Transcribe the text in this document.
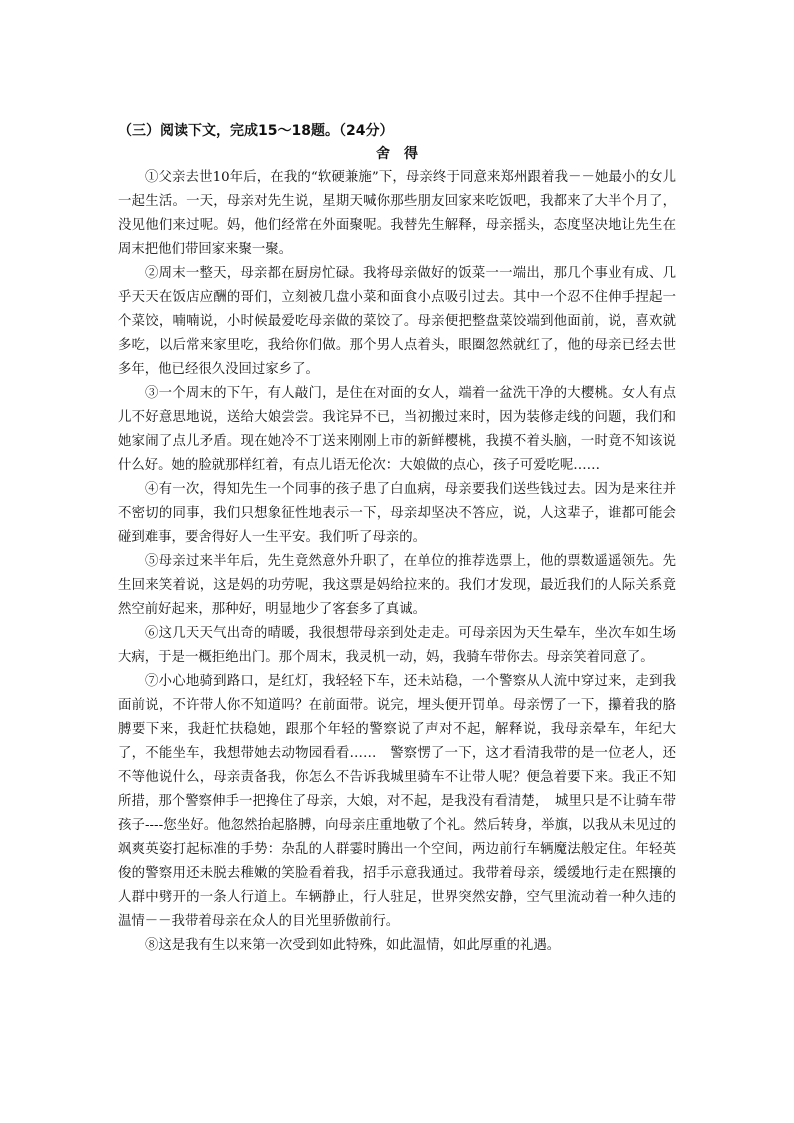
（三）阅读下文，完成15～18题。（24分）

舍得

①父亲去世10年后，在我的“软硬兼施”下，母亲终于同意来郑州跟着我－－她最小的女儿一起生活。一天，母亲对先生说，星期天喊你那些朋友回家来吃饭吧，我都来了大半个月了，没见他们来过呢。妈，他们经常在外面聚呢。我替先生解释，母亲摇头，态度坚决地让先生在周末把他们带回家来聚一聚。

②周末一整天，母亲都在厨房忙碌。我将母亲做好的饭菜一一端出，那几个事业有成、几乎天天在饭店应酬的哥们，立刻被几盘小菜和面食小点吸引过去。其中一个忍不住伸手捏起一个菜饺，喃喃说，小时候最爱吃母亲做的菜饺了。母亲便把整盘菜饺端到他面前，说，喜欢就多吃，以后常来家里吃，我给你们做。那个男人点着头，眼圈忽然就红了，他的母亲已经去世多年，他已经很久没回过家乡了。

③一个周末的下午，有人敲门，是住在对面的女人，端着一盆洗干净的大樱桃。女人有点儿不好意思地说，送给大娘尝尝。我诧异不已，当初搬过来时，因为装修走线的问题，我们和她家闹了点儿矛盾。现在她冷不丁送来刚刚上市的新鲜樱桃，我摸不着头脑，一时竟不知该说什么好。她的脸就那样红着，有点儿语无伦次：大娘做的点心，孩子可爱吃呢……

④有一次，得知先生一个同事的孩子患了白血病，母亲要我们送些钱过去。因为是来往并不密切的同事，我们只想象征性地表示一下，母亲却坚决不答应，说，人这辈子，谁都可能会碰到难事，要舍得好人一生平安。我们听了母亲的。

⑤母亲过来半年后，先生竟然意外升职了，在单位的推荐选票上，他的票数遥遥领先。先生回来笑着说，这是妈的功劳呢，我这票是妈给拉来的。我们才发现，最近我们的人际关系竟然空前好起来，那种好，明显地少了客套多了真诚。

⑥这几天天气出奇的晴暖，我很想带母亲到处走走。可母亲因为天生晕车，坐次车如生场大病，于是一概拒绝出门。那个周末，我灵机一动，妈，我骑车带你去。母亲笑着同意了。

⑦小心地骑到路口，是红灯，我轻轻下车，还未站稳，一个警察从人流中穿过来，走到我面前说，不许带人你不知道吗？在前面带。说完，埋头便开罚单。母亲愣了一下，攥着我的胳膊要下来，我赶忙扶稳她，跟那个年轻的警察说了声对不起，解释说，我母亲晕车，年纪大了，不能坐车，我想带她去动物园看看……　警察愣了一下，这才看清我带的是一位老人，还不等他说什么，母亲责备我，你怎么不告诉我城里骑车不让带人呢？便急着要下来。我正不知所措，那个警察伸手一把搀住了母亲，大娘，对不起，是我没有看清楚，　城里只是不让骑车带孩子----您坐好。他忽然抬起胳膊，向母亲庄重地敬了个礼。然后转身，举旗，以我从未见过的飒爽英姿打起标准的手势：杂乱的人群霎时腾出一个空间，两边前行车辆魔法般定住。年轻英俊的警察用还未脱去稚嫩的笑脸看着我，招手示意我通过。我带着母亲，缓缓地行走在熙攘的人群中劈开的一条人行道上。车辆静止，行人驻足，世界突然安静，空气里流动着一种久违的温情－－我带着母亲在众人的目光里骄傲前行。

⑧这是我有生以来第一次受到如此特殊，如此温情，如此厚重的礼遇。
